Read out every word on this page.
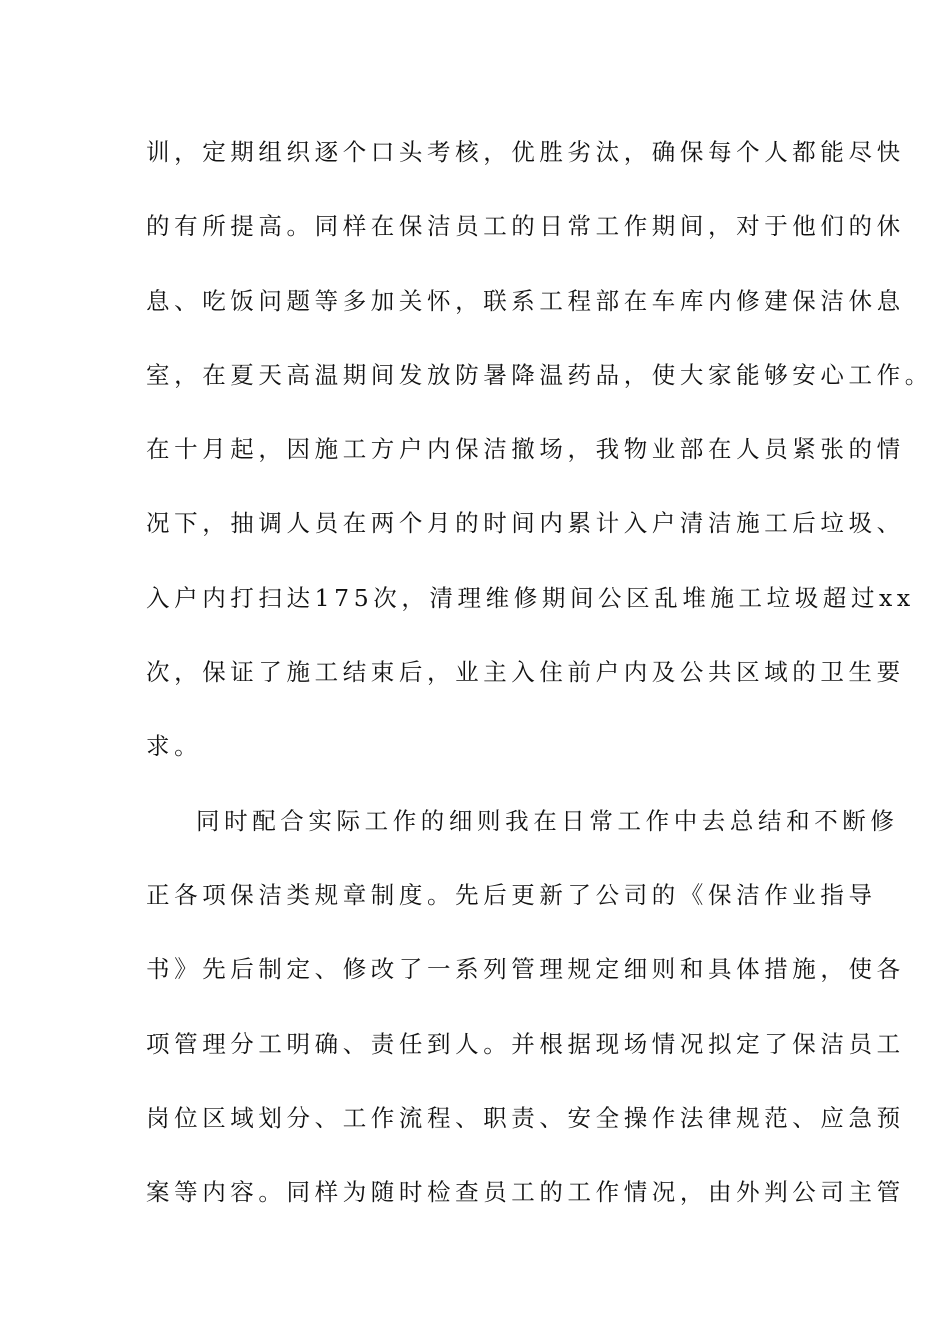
训，定期组织逐个口头考核，优胜劣汰，确保每个人都能尽快
的有所提高。同样在保洁员工的日常工作期间，对于他们的休
息、吃饭问题等多加关怀，联系工程部在车库内修建保洁休息
室，在夏天高温期间发放防暑降温药品，使大家能够安心工作。
在十月起，因施工方户内保洁撤场，我物业部在人员紧张的情
况下，抽调人员在两个月的时间内累计入户清洁施工后垃圾、
入户内打扫达175次，清理维修期间公区乱堆施工垃圾超过xx
次，保证了施工结束后，业主入住前户内及公共区域的卫生要
求。
同时配合实际工作的细则我在日常工作中去总结和不断修
正各项保洁类规章制度。先后更新了公司的《保洁作业指导
书》先后制定、修改了一系列管理规定细则和具体措施，使各
项管理分工明确、责任到人。并根据现场情况拟定了保洁员工
岗位区域划分、工作流程、职责、安全操作法律规范、应急预
案等内容。同样为随时检查员工的工作情况，由外判公司主管
